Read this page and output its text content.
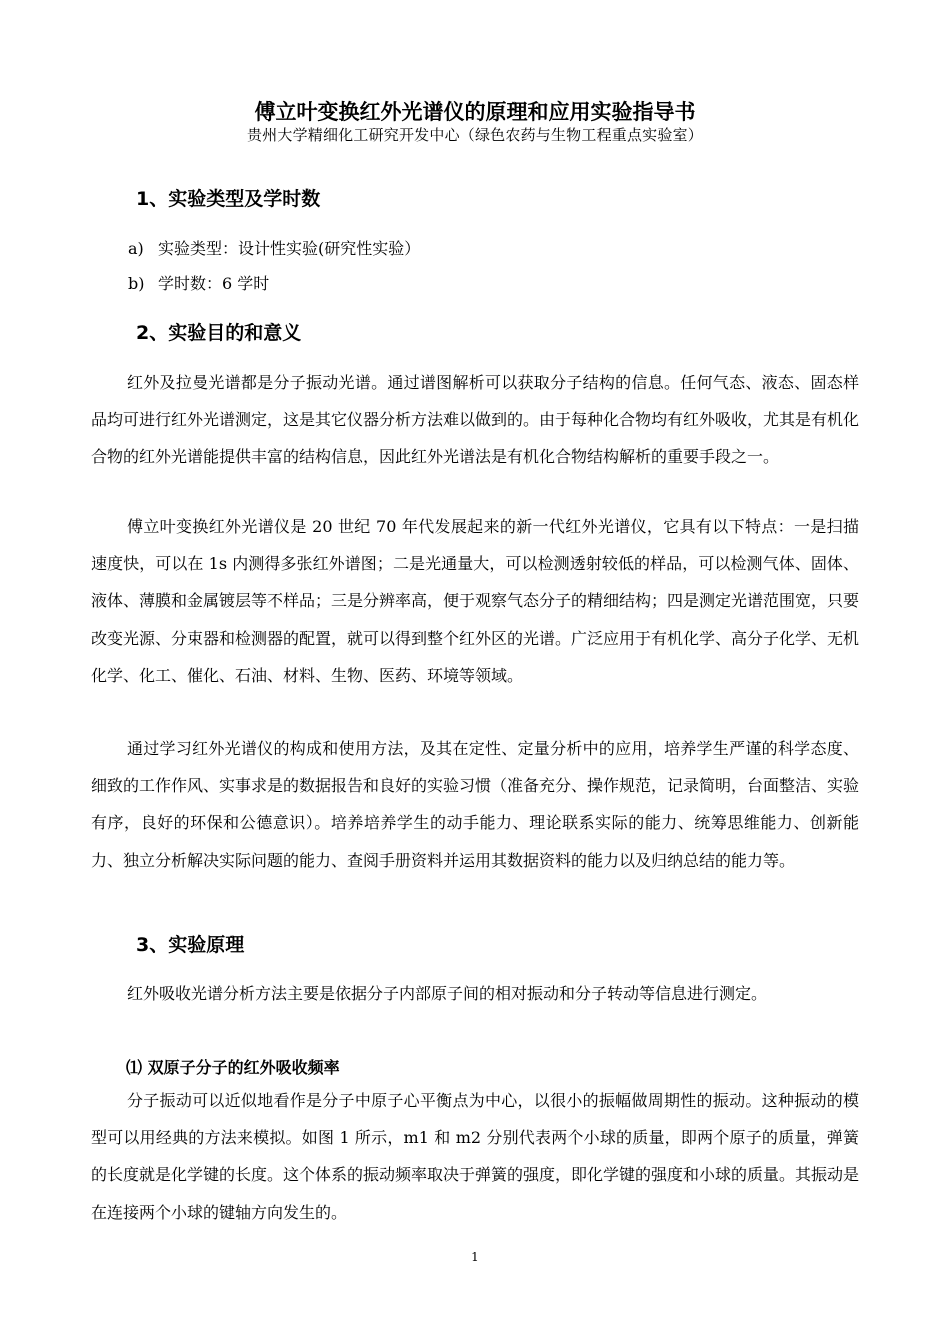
傅立叶变换红外光谱仪的原理和应用实验指导书
贵州大学精细化工研究开发中心（绿色农药与生物工程重点实验室）
1、实验类型及学时数
a) 实验类型：设计性实验(研究性实验）
b) 学时数：6 学时
2、实验目的和意义
红外及拉曼光谱都是分子振动光谱。通过谱图解析可以获取分子结构的信息。任何气态、液态、固态样品均可进行红外光谱测定，这是其它仪器分析方法难以做到的。由于每种化合物均有红外吸收，尤其是有机化合物的红外光谱能提供丰富的结构信息，因此红外光谱法是有机化合物结构解析的重要手段之一。
傅立叶变换红外光谱仪是 20 世纪 70 年代发展起来的新一代红外光谱仪，它具有以下特点：一是扫描速度快，可以在 1s 内测得多张红外谱图；二是光通量大，可以检测透射较低的样品，可以检测气体、固体、液体、薄膜和金属镀层等不样品；三是分辨率高，便于观察气态分子的精细结构；四是测定光谱范围宽，只要改变光源、分束器和检测器的配置，就可以得到整个红外区的光谱。广泛应用于有机化学、高分子化学、无机化学、化工、催化、石油、材料、生物、医药、环境等领域。
通过学习红外光谱仪的构成和使用方法，及其在定性、定量分析中的应用，培养学生严谨的科学态度、细致的工作作风、实事求是的数据报告和良好的实验习惯（准备充分、操作规范，记录简明，台面整洁、实验有序，良好的环保和公德意识）。培养培养学生的动手能力、理论联系实际的能力、统筹思维能力、创新能力、独立分析解决实际问题的能力、查阅手册资料并运用其数据资料的能力以及归纳总结的能力等。
3、实验原理
红外吸收光谱分析方法主要是依据分子内部原子间的相对振动和分子转动等信息进行测定。
⑴ 双原子分子的红外吸收频率
分子振动可以近似地看作是分子中原子心平衡点为中心，以很小的振幅做周期性的振动。这种振动的模型可以用经典的方法来模拟。如图 1 所示，m1 和 m2 分别代表两个小球的质量，即两个原子的质量，弹簧的长度就是化学键的长度。这个体系的振动频率取决于弹簧的强度，即化学键的强度和小球的质量。其振动是在连接两个小球的键轴方向发生的。
1
